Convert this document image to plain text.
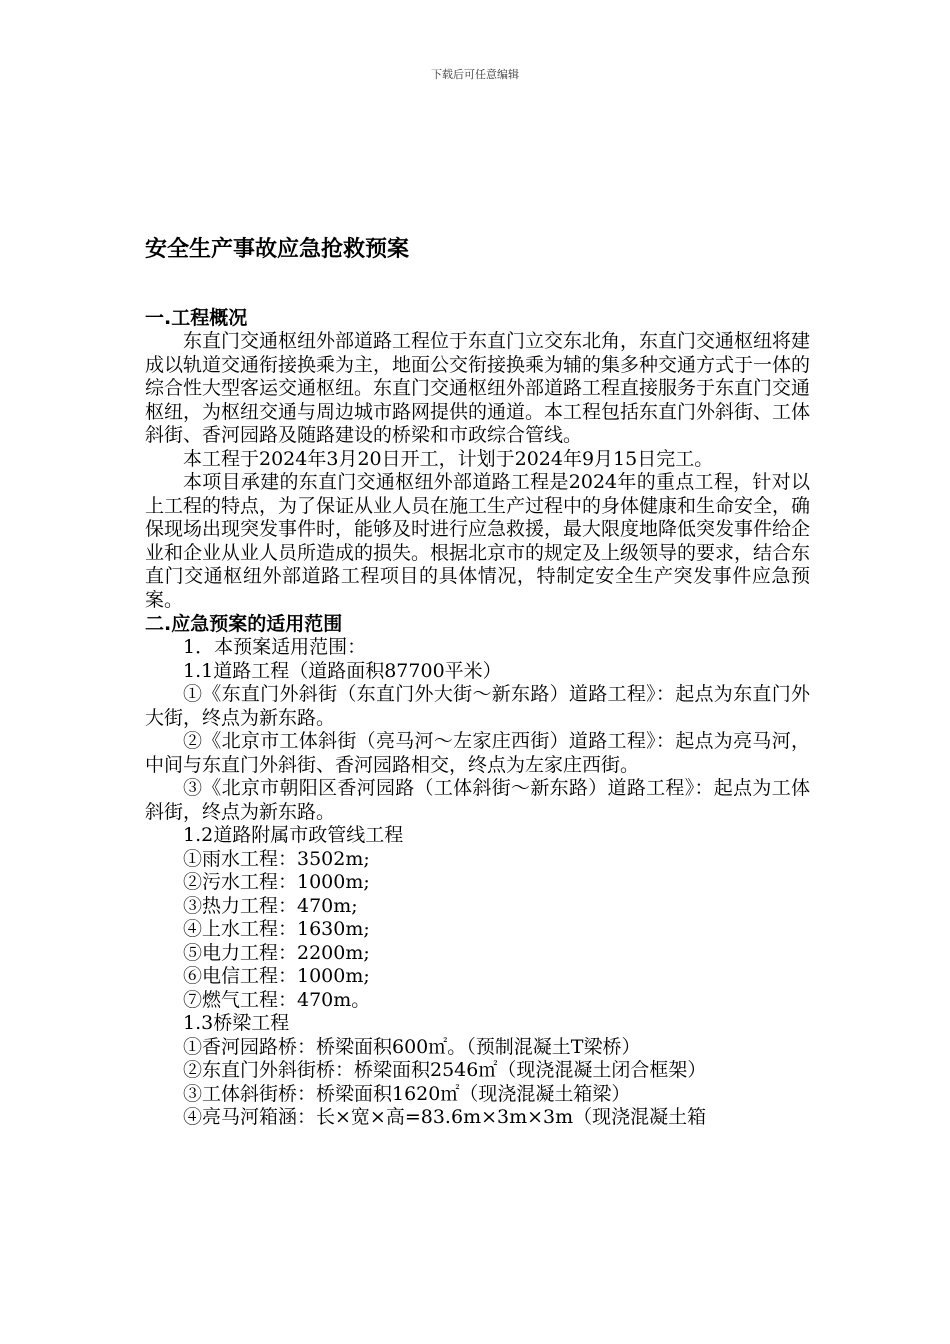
下载后可任意编辑
安全生产事故应急抢救预案
一.工程概况

东直门交通枢纽外部道路工程位于东直门立交东北角，东直门交通枢纽将建成以轨道交通衔接换乘为主，地面公交衔接换乘为辅的集多种交通方式于一体的综合性大型客运交通枢纽。东直门交通枢纽外部道路工程直接服务于东直门交通枢纽，为枢纽交通与周边城市路网提供的通道。本工程包括东直门外斜街、工体斜街、香河园路及随路建设的桥梁和市政综合管线。

本工程于2024年3月20日开工，计划于2024年9月15日完工。

本项目承建的东直门交通枢纽外部道路工程是2024年的重点工程，针对以上工程的特点，为了保证从业人员在施工生产过程中的身体健康和生命安全，确保现场出现突发事件时，能够及时进行应急救援，最大限度地降低突发事件给企业和企业从业人员所造成的损失。根据北京市的规定及上级领导的要求，结合东直门交通枢纽外部道路工程项目的具体情况，特制定安全生产突发事件应急预案。

二.应急预案的适用范围

1．本预案适用范围：

1.1道路工程（道路面积87700平米）

①《东直门外斜街（东直门外大街～新东路）道路工程》：起点为东直门外大街，终点为新东路。

②《北京市工体斜街（亮马河～左家庄西街）道路工程》：起点为亮马河，中间与东直门外斜街、香河园路相交，终点为左家庄西街。

③《北京市朝阳区香河园路（工体斜街～新东路）道路工程》：起点为工体斜街，终点为新东路。

1.2道路附属市政管线工程

①雨水工程：3502m;

②污水工程：1000m;

③热力工程：470m;

④上水工程：1630m;

⑤电力工程：2200m;

⑥电信工程：1000m;

⑦燃气工程：470m。

1.3桥梁工程

①香河园路桥：桥梁面积600㎡。（预制混凝土T梁桥）

②东直门外斜街桥：桥梁面积2546㎡（现浇混凝土闭合框架）

③工体斜街桥：桥梁面积1620㎡（现浇混凝土箱梁）

④亮马河箱涵：长×宽×高=83.6m×3m×3m（现浇混凝土箱
